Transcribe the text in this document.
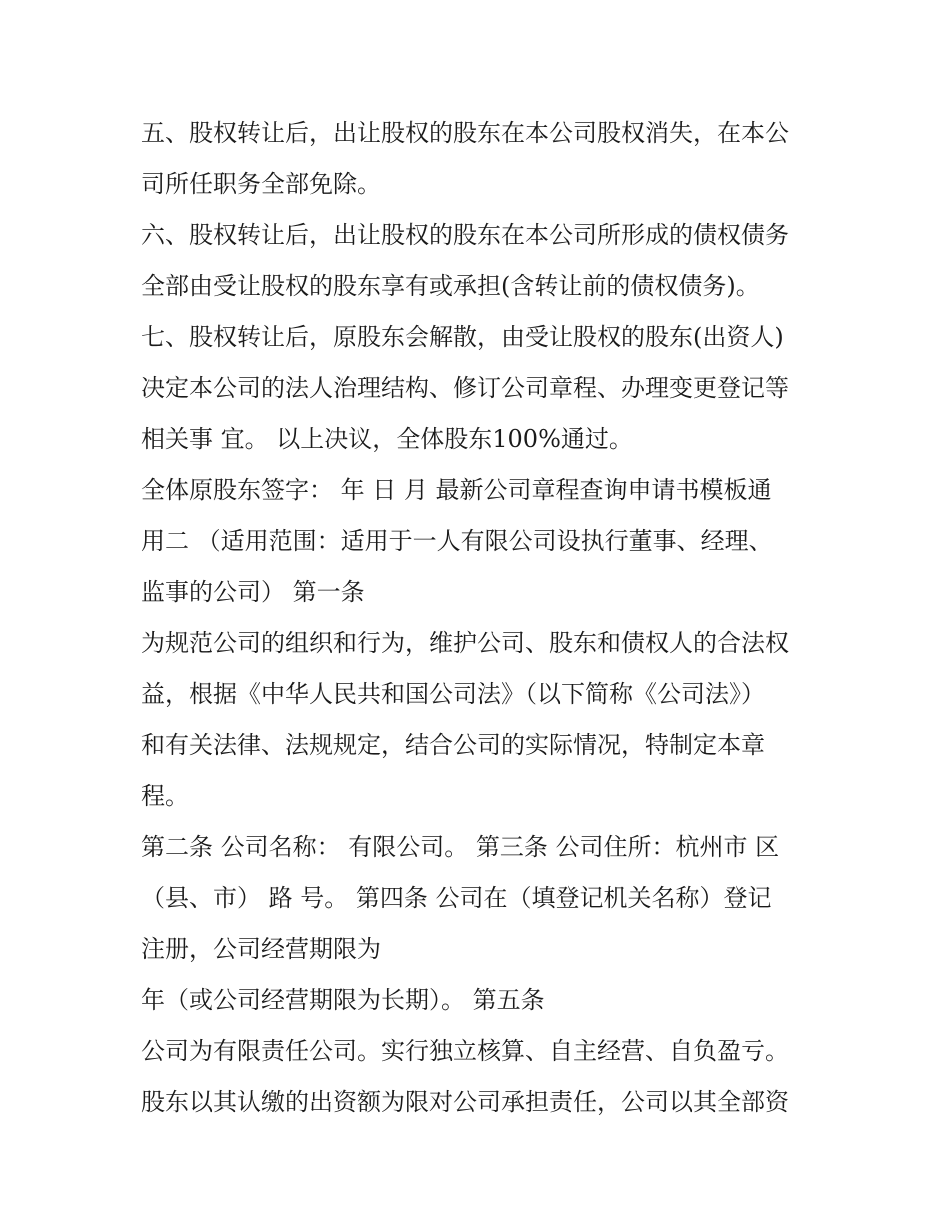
五、股权转让后，出让股权的股东在本公司股权消失，在本公
司所任职务全部免除。
六、股权转让后，出让股权的股东在本公司所形成的债权债务
全部由受让股权的股东享有或承担(含转让前的债权债务)。
七、股权转让后，原股东会解散，由受让股权的股东(出资人)
决定本公司的法人治理结构、修订公司章程、办理变更登记等
相关事 宜。 以上决议，全体股东100%通过。
全体原股东签字： 年 日 月 最新公司章程查询申请书模板通
用二 （适用范围：适用于一人有限公司设执行董事、经理、
监事的公司） 第一条
为规范公司的组织和行为，维护公司、股东和债权人的合法权
益，根据《中华人民共和国公司法》（以下简称《公司法》）
和有关法律、法规规定，结合公司的实际情况，特制定本章
程。
第二条 公司名称： 有限公司。 第三条 公司住所：杭州市 区
（县、市） 路 号。 第四条 公司在（填登记机关名称）登记
注册，公司经营期限为
年（或公司经营期限为长期）。 第五条
公司为有限责任公司。实行独立核算、自主经营、自负盈亏。
股东以其认缴的出资额为限对公司承担责任，公司以其全部资
